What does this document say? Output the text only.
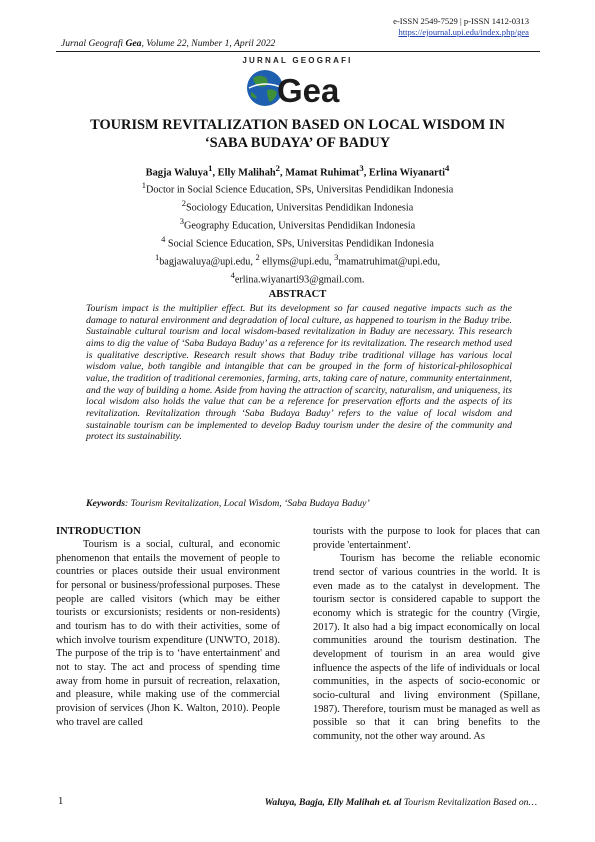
e-ISSN 2549-7529 | p-ISSN 1412-0313
https://ejournal.upi.edu/index.php/gea
Jurnal Geografi Gea, Volume 22, Number 1, April 2022
JURNAL GEOGRAFI
Gea
TOURISM REVITALIZATION BASED ON LOCAL WISDOM IN
‘SABA BUDAYA’ OF BADUY
Bagja Waluya$^1$, Elly Malihah$^2$, Mamat Ruhimat$^3$, Erlina Wiyanarti$^4$
$^1$Doctor in Social Science Education, SPs, Universitas Pendidikan Indonesia
$^2$Sociology Education, Universitas Pendidikan Indonesia
$^3$Geography Education, Universitas Pendidikan Indonesia
$^4$ Social Science Education, SPs, Universitas Pendidikan Indonesia
$^1$bagjawaluya@upi.edu, $^2$ ellyms@upi.edu, $^3$mamatruhimat@upi.edu,
$^4$erlina.wiyanarti93@gmail.com.
ABSTRACT
Tourism impact is the multiplier effect. But its development so far caused negative impacts such as the damage to natural environment and degradation of local culture, as happened to tourism in the Baduy tribe. Sustainable cultural tourism and local wisdom-based revitalization in Baduy are necessary. This research aims to dig the value of ‘Saba Budaya Baduy’ as a reference for its revitalization. The research method used is qualitative descriptive. Research result shows that Baduy tribe traditional village has various local wisdom value, both tangible and intangible that can be grouped in the form of historical-philosophical value, the tradition of traditional ceremonies, farming, arts, taking care of nature, community entertainment, and the way of building a home. Aside from having the attraction of scarcity, naturalism, and uniqueness, its local wisdom also holds the value that can be a reference for preservation efforts and the aspects of its revitalization. Revitalization through ‘Saba Budaya Baduy’ refers to the value of local wisdom and sustainable tourism can be implemented to develop Baduy tourism under the desire of the community and protect its sustainability.
Keywords: Tourism Revitalization, Local Wisdom, ‘Saba Budaya Baduy’
INTRODUCTION

Tourism is a social, cultural, and economic phenomenon that entails the movement of people to countries or places outside their usual environment for personal or business/professional purposes. These people are called visitors (which may be either tourists or excursionists; residents or non-residents) and tourism has to do with their activities, some of which involve tourism expenditure (UNWTO, 2018). The purpose of the trip is to ‘have entertainment' and not to stay. The act and process of spending time away from home in pursuit of recreation, relaxation, and pleasure, while making use of the commercial provision of services (Jhon K. Walton, 2010). People who travel are called

tourists with the purpose to look for places that can provide 'entertainment'.

Tourism has become the reliable economic trend sector of various countries in the world. It is even made as to the catalyst in development. The tourism sector is considered capable to support the economy which is strategic for the country (Virgie, 2017). It also had a big impact economically on local communities around the tourism destination. The development of tourism in an area would give influence the aspects of the life of individuals or local communities, in the aspects of socio-economic or socio-cultural and living environment (Spillane, 1987). Therefore, tourism must be managed as well as possible so that it can bring benefits to the community, not the other way around. As

1	Waluya, Bagja, Elly Malihah et. al Tourism Revitalization Based on…
